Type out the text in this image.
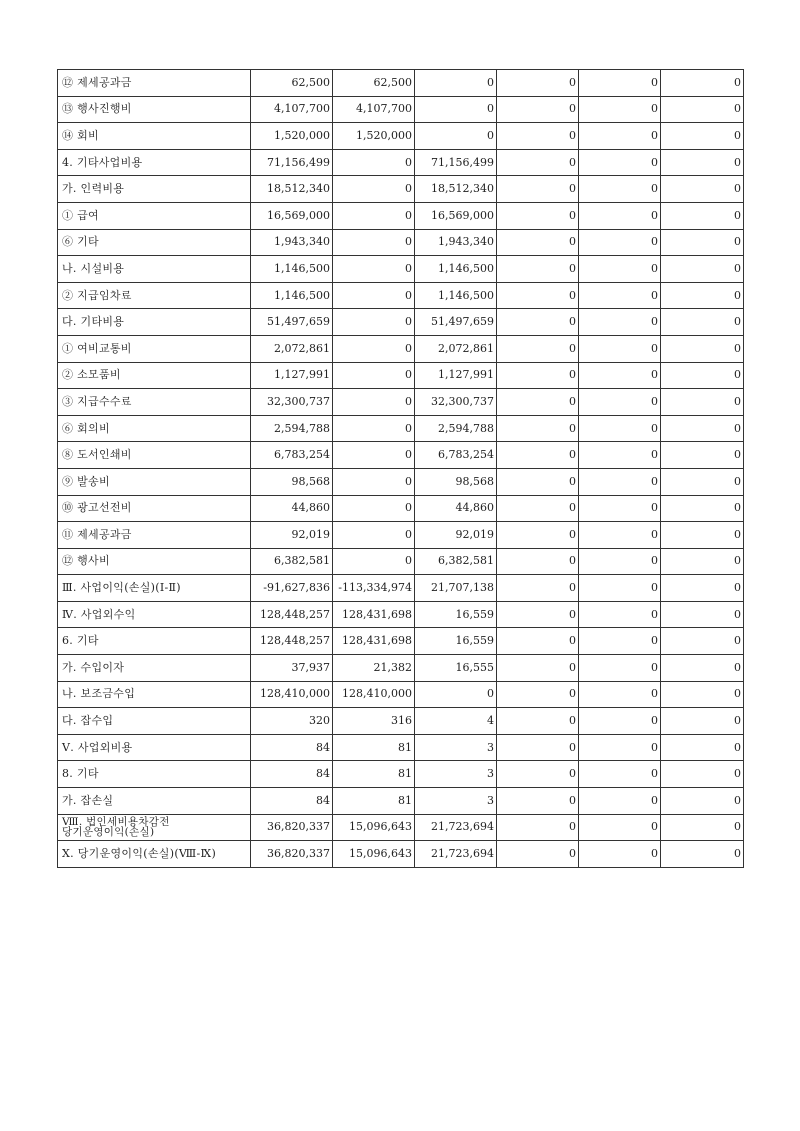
⑫ 제세공과금	62,500	62,500	0	0	0	0
⑬ 행사진행비	4,107,700	4,107,700	0	0	0	0
⑭ 회비	1,520,000	1,520,000	0	0	0	0
4. 기타사업비용	71,156,499	0	71,156,499	0	0	0
가. 인력비용	18,512,340	0	18,512,340	0	0	0
① 급여	16,569,000	0	16,569,000	0	0	0
⑥ 기타	1,943,340	0	1,943,340	0	0	0
나. 시설비용	1,146,500	0	1,146,500	0	0	0
② 지급임차료	1,146,500	0	1,146,500	0	0	0
다. 기타비용	51,497,659	0	51,497,659	0	0	0
① 여비교통비	2,072,861	0	2,072,861	0	0	0
② 소모품비	1,127,991	0	1,127,991	0	0	0
③ 지급수수료	32,300,737	0	32,300,737	0	0	0
⑥ 회의비	2,594,788	0	2,594,788	0	0	0
⑧ 도서인쇄비	6,783,254	0	6,783,254	0	0	0
⑨ 발송비	98,568	0	98,568	0	0	0
⑩ 광고선전비	44,860	0	44,860	0	0	0
⑪ 제세공과금	92,019	0	92,019	0	0	0
⑫ 행사비	6,382,581	0	6,382,581	0	0	0
Ⅲ. 사업이익(손실)(Ⅰ-Ⅱ)	-91,627,836	-113,334,974	21,707,138	0	0	0
Ⅳ. 사업외수익	128,448,257	128,431,698	16,559	0	0	0
6. 기타	128,448,257	128,431,698	16,559	0	0	0
가. 수입이자	37,937	21,382	16,555	0	0	0
나. 보조금수입	128,410,000	128,410,000	0	0	0	0
다. 잡수입	320	316	4	0	0	0
Ⅴ. 사업외비용	84	81	3	0	0	0
8. 기타	84	81	3	0	0	0
가. 잡손실	84	81	3	0	0	0
Ⅷ. 법인세비용차감전
당기운영이익(손실)	36,820,337	15,096,643	21,723,694	0	0	0
Ⅹ. 당기운영이익(손실)(Ⅷ-Ⅸ)	36,820,337	15,096,643	21,723,694	0	0	0
